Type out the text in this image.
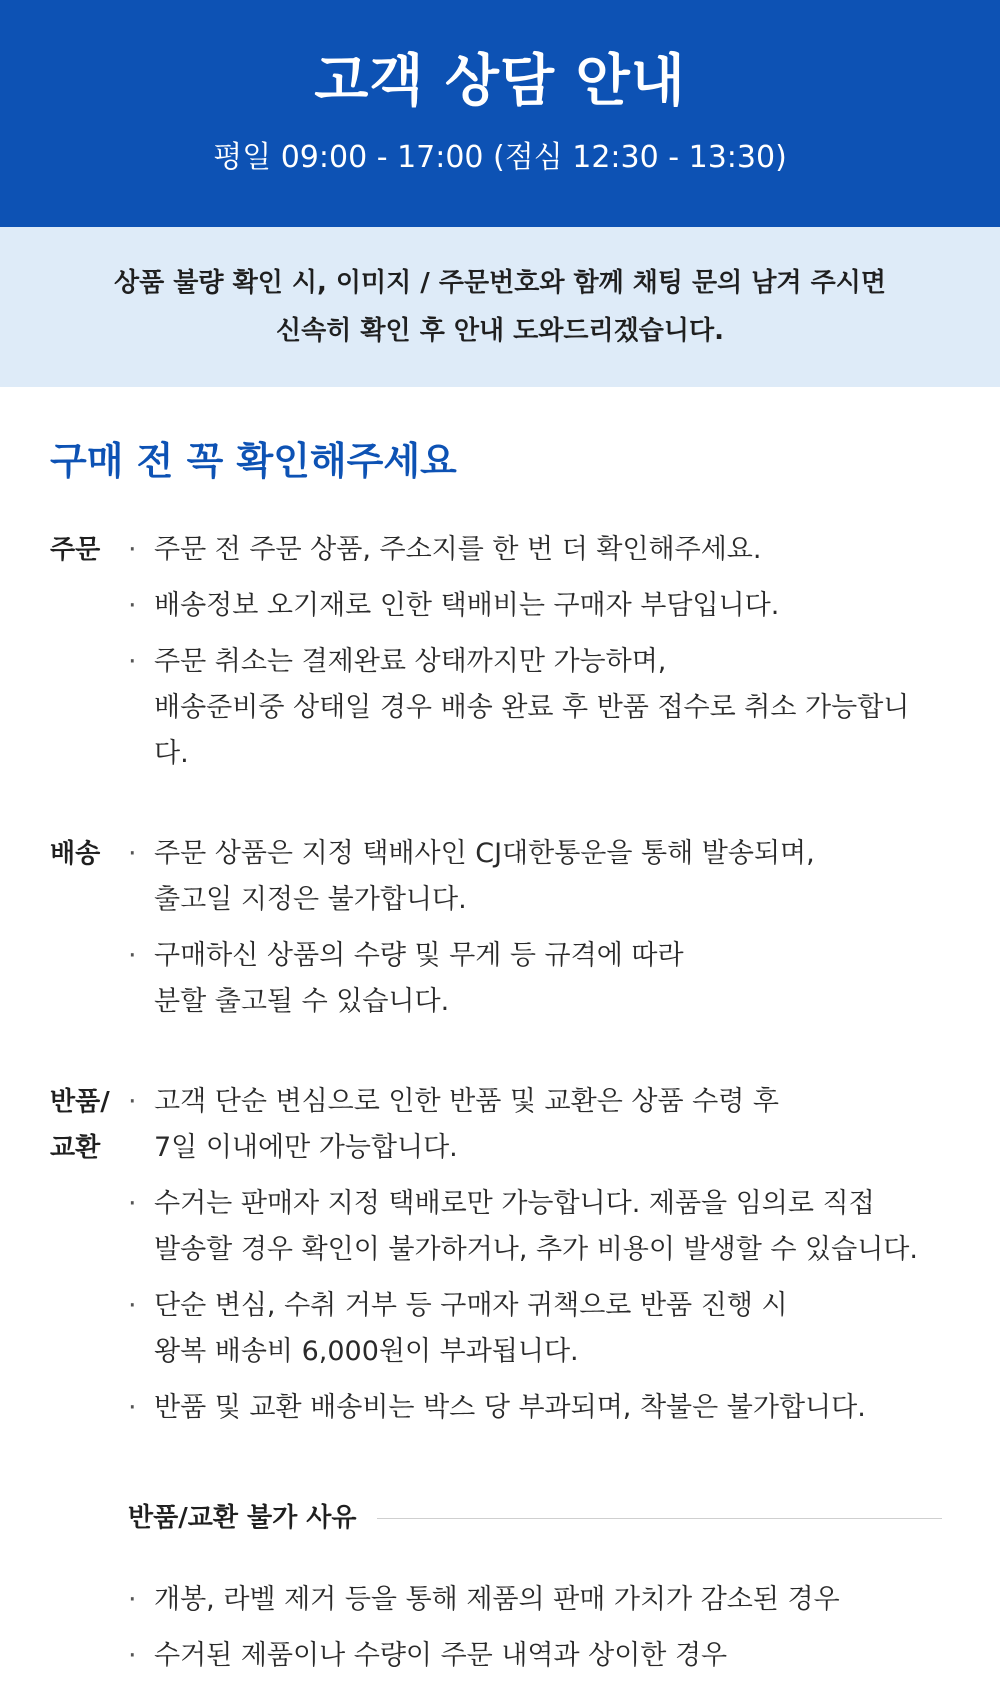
고객 상담 안내
평일 09:00 - 17:00 (점심 12:30 - 13:30)
상품 불량 확인 시, 이미지 / 주문번호와 함께 채팅 문의 남겨 주시면
신속히 확인 후 안내 도와드리겠습니다.
구매 전 꼭 확인해주세요
주문	· 주문 전 주문 상품, 주소지를 한 번 더 확인해주세요.
· 배송정보 오기재로 인한 택배비는 구매자 부담입니다.
· 주문 취소는 결제완료 상태까지만 가능하며,
배송준비중 상태일 경우 배송 완료 후 반품 접수로 취소 가능합니다.
배송	· 주문 상품은 지정 택배사인 CJ대한통운을 통해 발송되며,
출고일 지정은 불가합니다.
· 구매하신 상품의 수량 및 무게 등 규격에 따라
분할 출고될 수 있습니다.
반품/
교환
· 고객 단순 변심으로 인한 반품 및 교환은 상품 수령 후
7일 이내에만 가능합니다.
· 수거는 판매자 지정 택배로만 가능합니다. 제품을 임의로 직접
발송할 경우 확인이 불가하거나, 추가 비용이 발생할 수 있습니다.
· 단순 변심, 수취 거부 등 구매자 귀책으로 반품 진행 시
왕복 배송비 6,000원이 부과됩니다.
· 반품 및 교환 배송비는 박스 당 부과되며, 착불은 불가합니다.
반품/교환 불가 사유
· 개봉, 라벨 제거 등을 통해 제품의 판매 가치가 감소된 경우
· 수거된 제품이나 수량이 주문 내역과 상이한 경우
